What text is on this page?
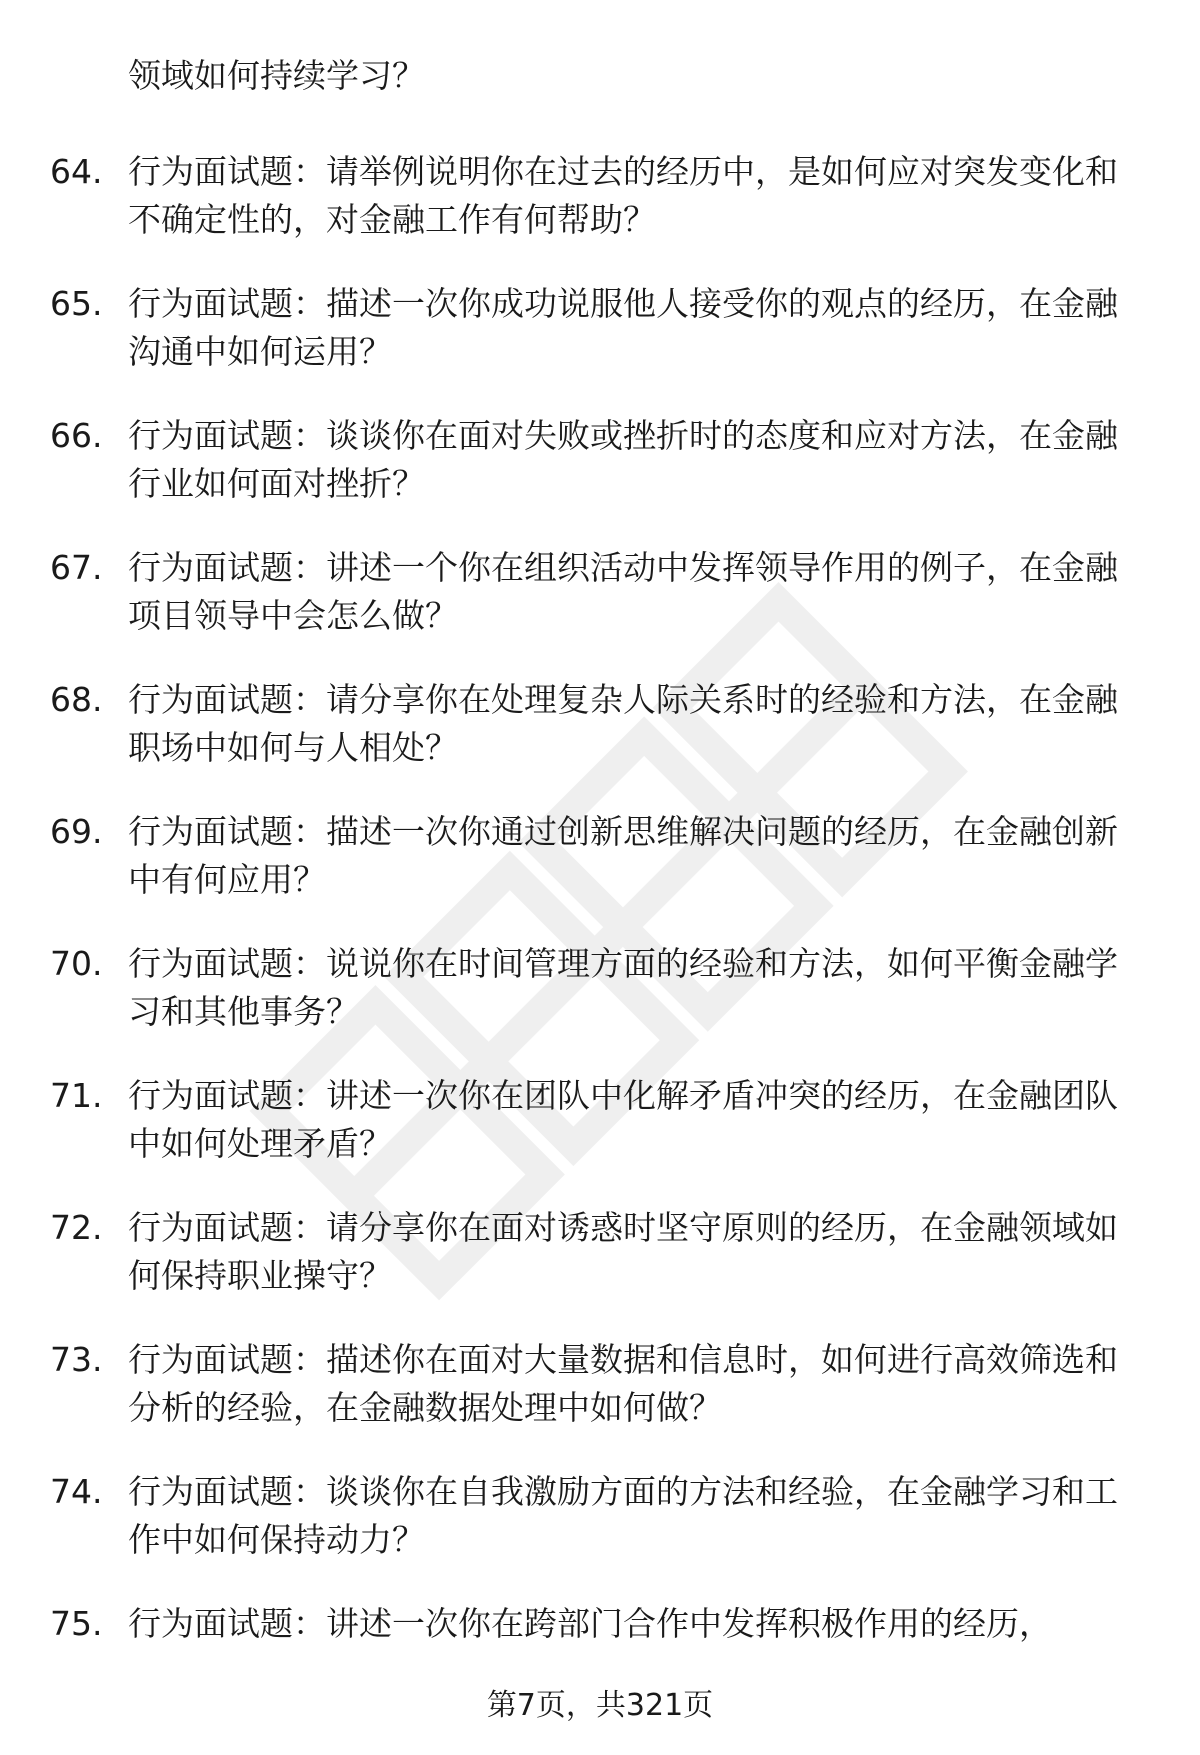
领域如何持续学习？

64. 行为面试题：请举例说明你在过去的经历中，是如何应对突发变化和不确定性的，对金融工作有何帮助？
65. 行为面试题：描述一次你成功说服他人接受你的观点的经历，在金融沟通中如何运用？
66. 行为面试题：谈谈你在面对失败或挫折时的态度和应对方法，在金融行业如何面对挫折？
67. 行为面试题：讲述一个你在组织活动中发挥领导作用的例子，在金融项目领导中会怎么做？
68. 行为面试题：请分享你在处理复杂人际关系时的经验和方法，在金融职场中如何与人相处？
69. 行为面试题：描述一次你通过创新思维解决问题的经历，在金融创新中有何应用？
70. 行为面试题：说说你在时间管理方面的经验和方法，如何平衡金融学习和其他事务？
71. 行为面试题：讲述一次你在团队中化解矛盾冲突的经历，在金融团队中如何处理矛盾？
72. 行为面试题：请分享你在面对诱惑时坚守原则的经历，在金融领域如何保持职业操守？
73. 行为面试题：描述你在面对大量数据和信息时，如何进行高效筛选和分析的经验，在金融数据处理中如何做？
74. 行为面试题：谈谈你在自我激励方面的方法和经验，在金融学习和工作中如何保持动力？
75. 行为面试题：讲述一次你在跨部门合作中发挥积极作用的经历，
第7页，共321页
